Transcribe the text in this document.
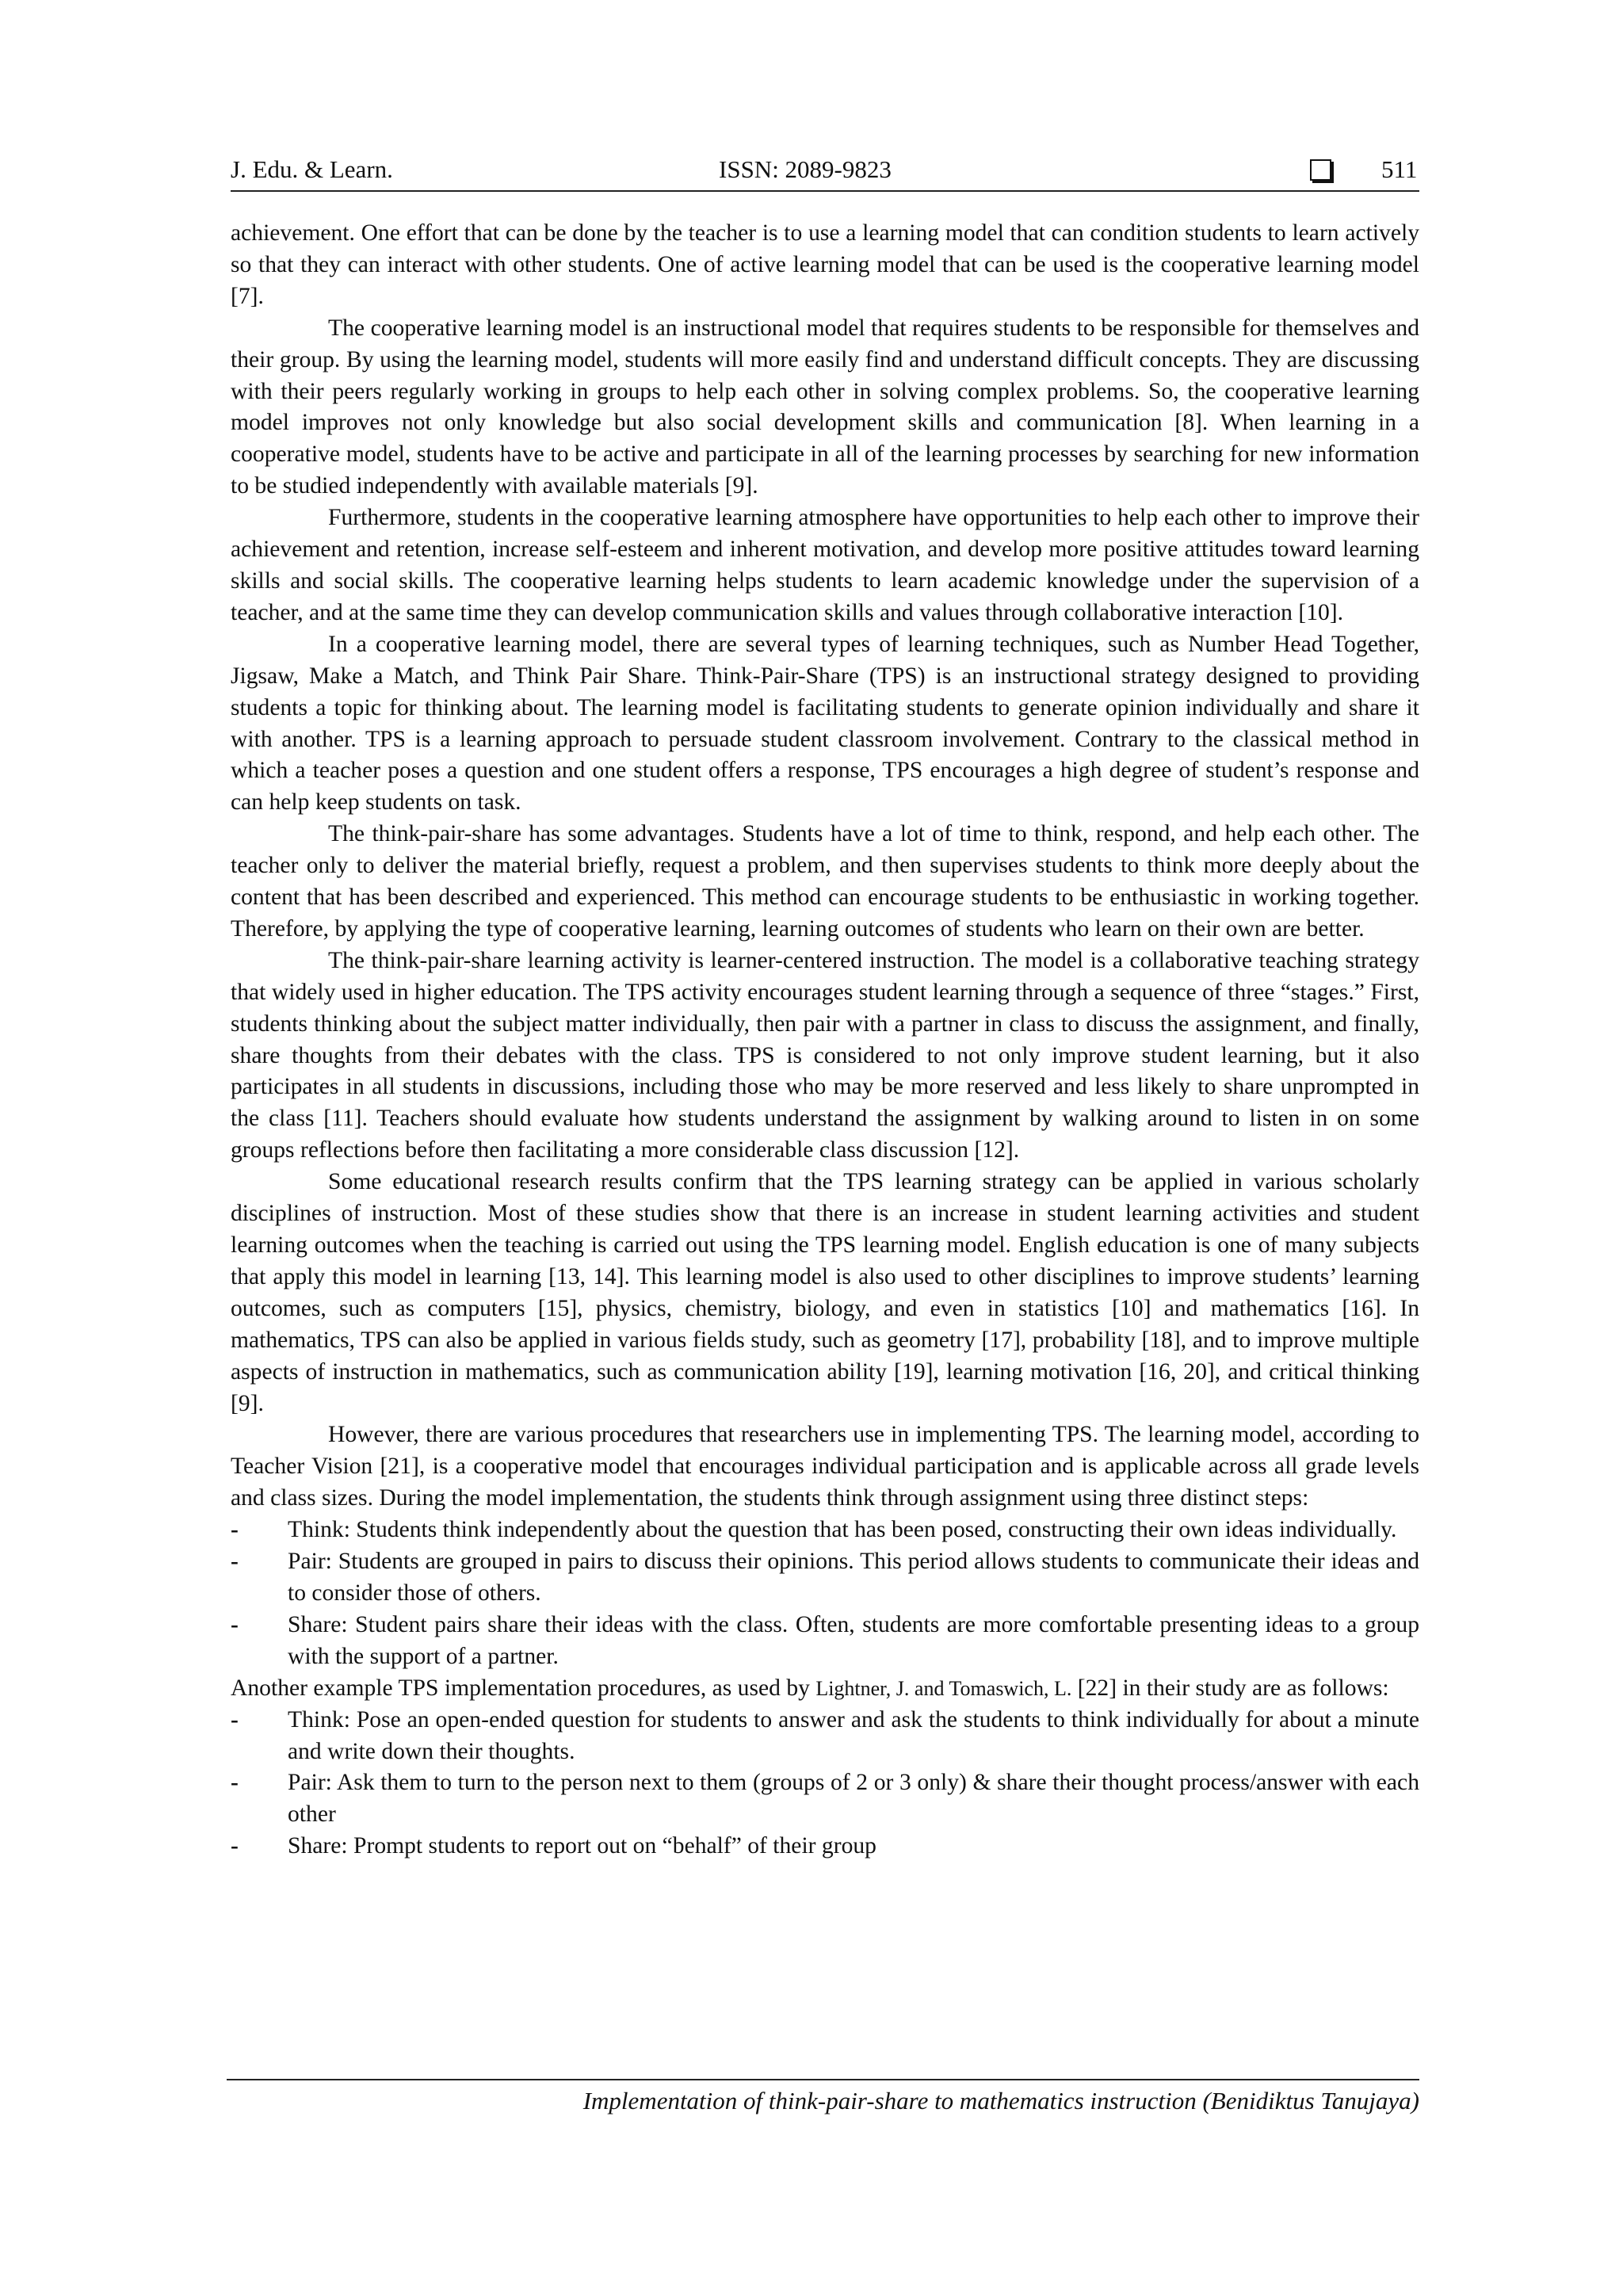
J. Edu. & Learn.	ISSN: 2089-9823	511

achievement. One effort that can be done by the teacher is to use a learning model that can condition students to learn actively so that they can interact with other students. One of active learning model that can be used is the cooperative learning model [7].

The cooperative learning model is an instructional model that requires students to be responsible for themselves and their group. By using the learning model, students will more easily find and understand difficult concepts. They are discussing with their peers regularly working in groups to help each other in solving complex problems. So, the cooperative learning model improves not only knowledge but also social development skills and communication [8]. When learning in a cooperative model, students have to be active and participate in all of the learning processes by searching for new information to be studied independently with available materials [9].

Furthermore, students in the cooperative learning atmosphere have opportunities to help each other to improve their achievement and retention, increase self-esteem and inherent motivation, and develop more positive attitudes toward learning skills and social skills. The cooperative learning helps students to learn academic knowledge under the supervision of a teacher, and at the same time they can develop communication skills and values through collaborative interaction [10].

In a cooperative learning model, there are several types of learning techniques, such as Number Head Together, Jigsaw, Make a Match, and Think Pair Share. Think-Pair-Share (TPS) is an instructional strategy designed to providing students a topic for thinking about. The learning model is facilitating students to generate opinion individually and share it with another. TPS is a learning approach to persuade student classroom involvement. Contrary to the classical method in which a teacher poses a question and one student offers a response, TPS encourages a high degree of student’s response and can help keep students on task.

The think-pair-share has some advantages. Students have a lot of time to think, respond, and help each other. The teacher only to deliver the material briefly, request a problem, and then supervises students to think more deeply about the content that has been described and experienced. This method can encourage students to be enthusiastic in working together. Therefore, by applying the type of cooperative learning, learning outcomes of students who learn on their own are better.

The think-pair-share learning activity is learner-centered instruction. The model is a collaborative teaching strategy that widely used in higher education. The TPS activity encourages student learning through a sequence of three “stages.” First, students thinking about the subject matter individually, then pair with a partner in class to discuss the assignment, and finally, share thoughts from their debates with the class. TPS is considered to not only improve student learning, but it also participates in all students in discussions, including those who may be more reserved and less likely to share unprompted in the class [11]. Teachers should evaluate how students understand the assignment by walking around to listen in on some groups reflections before then facilitating a more considerable class discussion [12].

Some educational research results confirm that the TPS learning strategy can be applied in various scholarly disciplines of instruction. Most of these studies show that there is an increase in student learning activities and student learning outcomes when the teaching is carried out using the TPS learning model. English education is one of many subjects that apply this model in learning [13, 14]. This learning model is also used to other disciplines to improve students’ learning outcomes, such as computers [15], physics, chemistry, biology, and even in statistics [10] and mathematics [16]. In mathematics, TPS can also be applied in various fields study, such as geometry [17], probability [18], and to improve multiple aspects of instruction in mathematics, such as communication ability [19], learning motivation [16, 20], and critical thinking [9].

However, there are various procedures that researchers use in implementing TPS. The learning model, according to Teacher Vision [21], is a cooperative model that encourages individual participation and is applicable across all grade levels and class sizes. During the model implementation, the students think through assignment using three distinct steps:

- Think: Students think independently about the question that has been posed, constructing their own ideas individually.
- Pair: Students are grouped in pairs to discuss their opinions. This period allows students to communicate their ideas and to consider those of others.
- Share: Student pairs share their ideas with the class. Often, students are more comfortable presenting ideas to a group with the support of a partner.

Another example TPS implementation procedures, as used by Lightner, J. and Tomaswich, L. [22] in their study are as follows:

- Think: Pose an open-ended question for students to answer and ask the students to think individually for about a minute and write down their thoughts.
- Pair: Ask them to turn to the person next to them (groups of 2 or 3 only) & share their thought process/answer with each other
- Share: Prompt students to report out on “behalf” of their group
Implementation of think-pair-share to mathematics instruction (Benidiktus Tanujaya)
